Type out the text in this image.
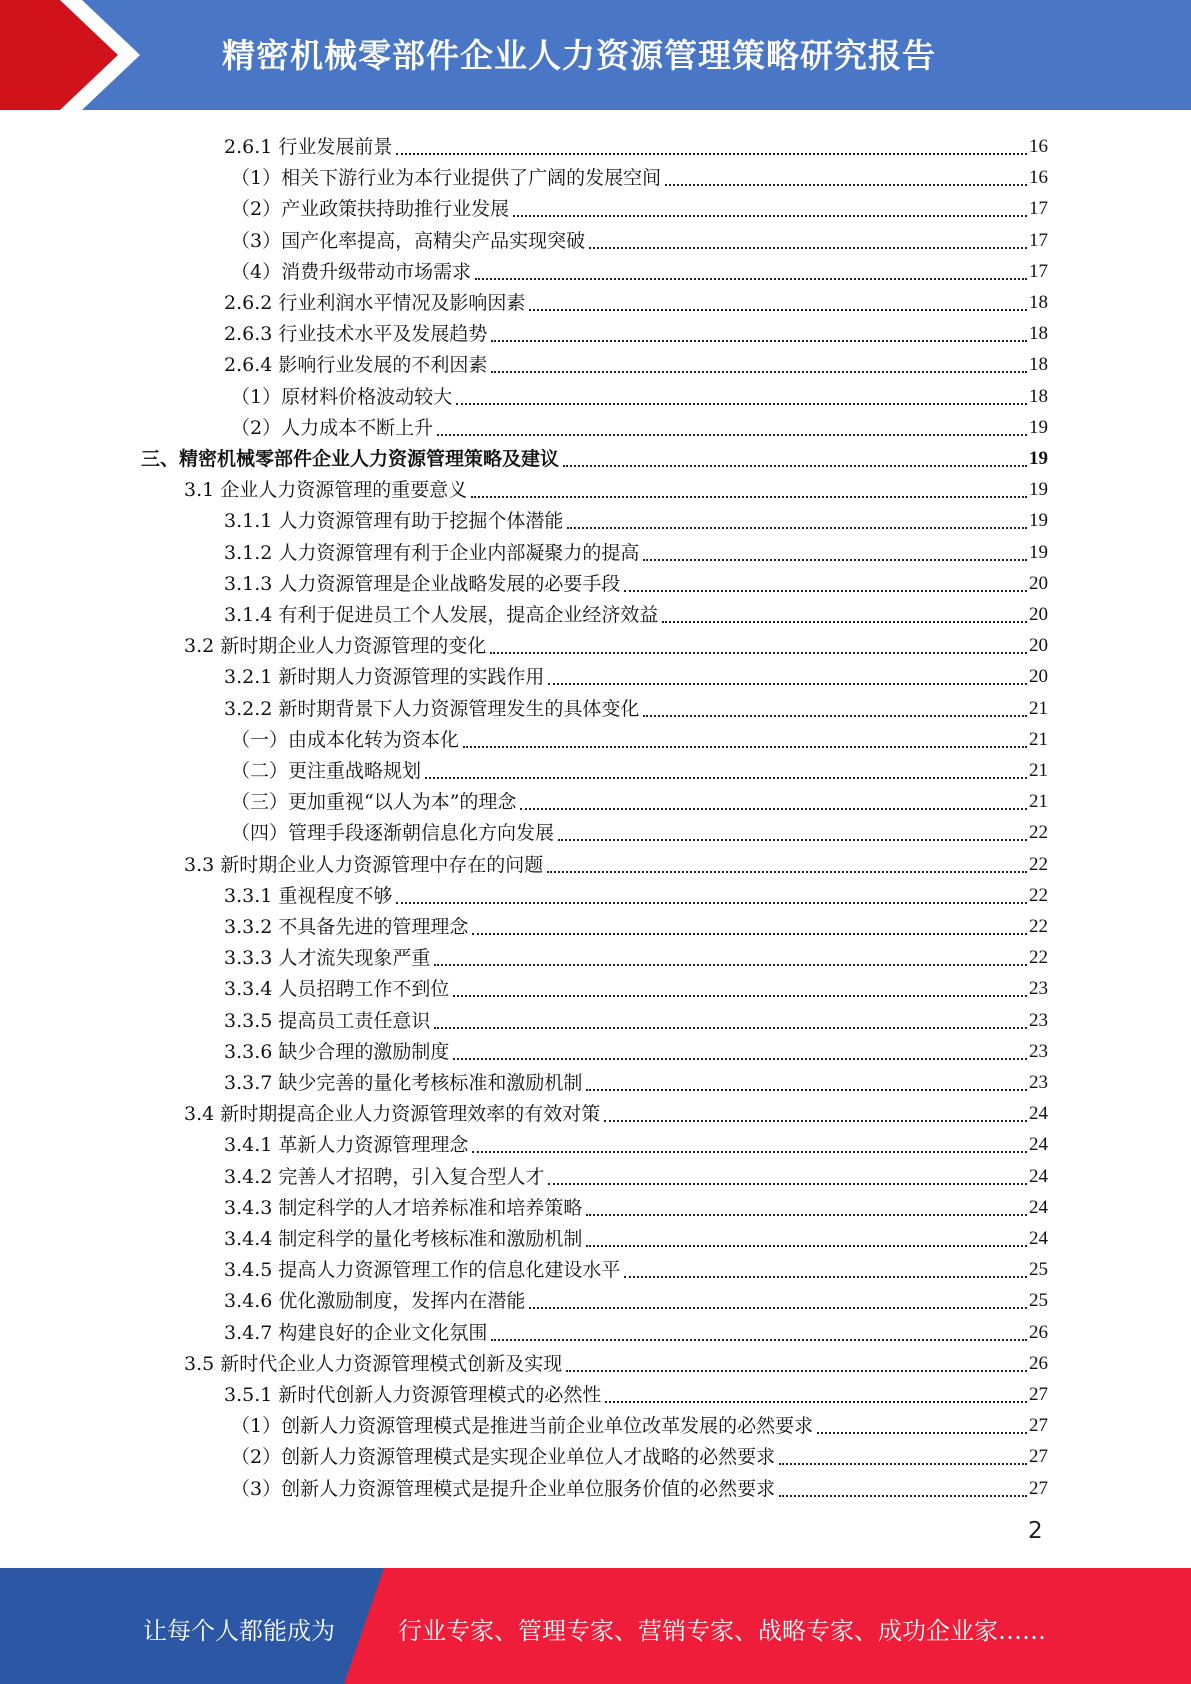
精密机械零部件企业人力资源管理策略研究报告
2.6.1 行业发展前景	16
（1）相关下游行业为本行业提供了广阔的发展空间	16
（2）产业政策扶持助推行业发展	17
（3）国产化率提高，高精尖产品实现突破	17
（4）消费升级带动市场需求	17
2.6.2 行业利润水平情况及影响因素	18
2.6.3 行业技术水平及发展趋势	18
2.6.4 影响行业发展的不利因素	18
（1）原材料价格波动较大	18
（2）人力成本不断上升	19
三、精密机械零部件企业人力资源管理策略及建议	19
3.1 企业人力资源管理的重要意义	19
3.1.1 人力资源管理有助于挖掘个体潜能	19
3.1.2 人力资源管理有利于企业内部凝聚力的提高	19
3.1.3 人力资源管理是企业战略发展的必要手段	20
3.1.4 有利于促进员工个人发展，提高企业经济效益	20
3.2 新时期企业人力资源管理的变化	20
3.2.1 新时期人力资源管理的实践作用	20
3.2.2 新时期背景下人力资源管理发生的具体变化	21
（一）由成本化转为资本化	21
（二）更注重战略规划	21
（三）更加重视“以人为本”的理念	21
（四）管理手段逐渐朝信息化方向发展	22
3.3 新时期企业人力资源管理中存在的问题	22
3.3.1 重视程度不够	22
3.3.2 不具备先进的管理理念	22
3.3.3 人才流失现象严重	22
3.3.4 人员招聘工作不到位	23
3.3.5 提高员工责任意识	23
3.3.6 缺少合理的激励制度	23
3.3.7 缺少完善的量化考核标准和激励机制	23
3.4 新时期提高企业人力资源管理效率的有效对策	24
3.4.1 革新人力资源管理理念	24
3.4.2 完善人才招聘，引入复合型人才	24
3.4.3 制定科学的人才培养标准和培养策略	24
3.4.4 制定科学的量化考核标准和激励机制	24
3.4.5 提高人力资源管理工作的信息化建设水平	25
3.4.6 优化激励制度，发挥内在潜能	25
3.4.7 构建良好的企业文化氛围	26
3.5 新时代企业人力资源管理模式创新及实现	26
3.5.1 新时代创新人力资源管理模式的必然性	27
（1）创新人力资源管理模式是推进当前企业单位改革发展的必然要求	27
（2）创新人力资源管理模式是实现企业单位人才战略的必然要求	27
（3）创新人力资源管理模式是提升企业单位服务价值的必然要求	27
2
让每个人都能成为	行业专家、管理专家、营销专家、战略专家、成功企业家……
